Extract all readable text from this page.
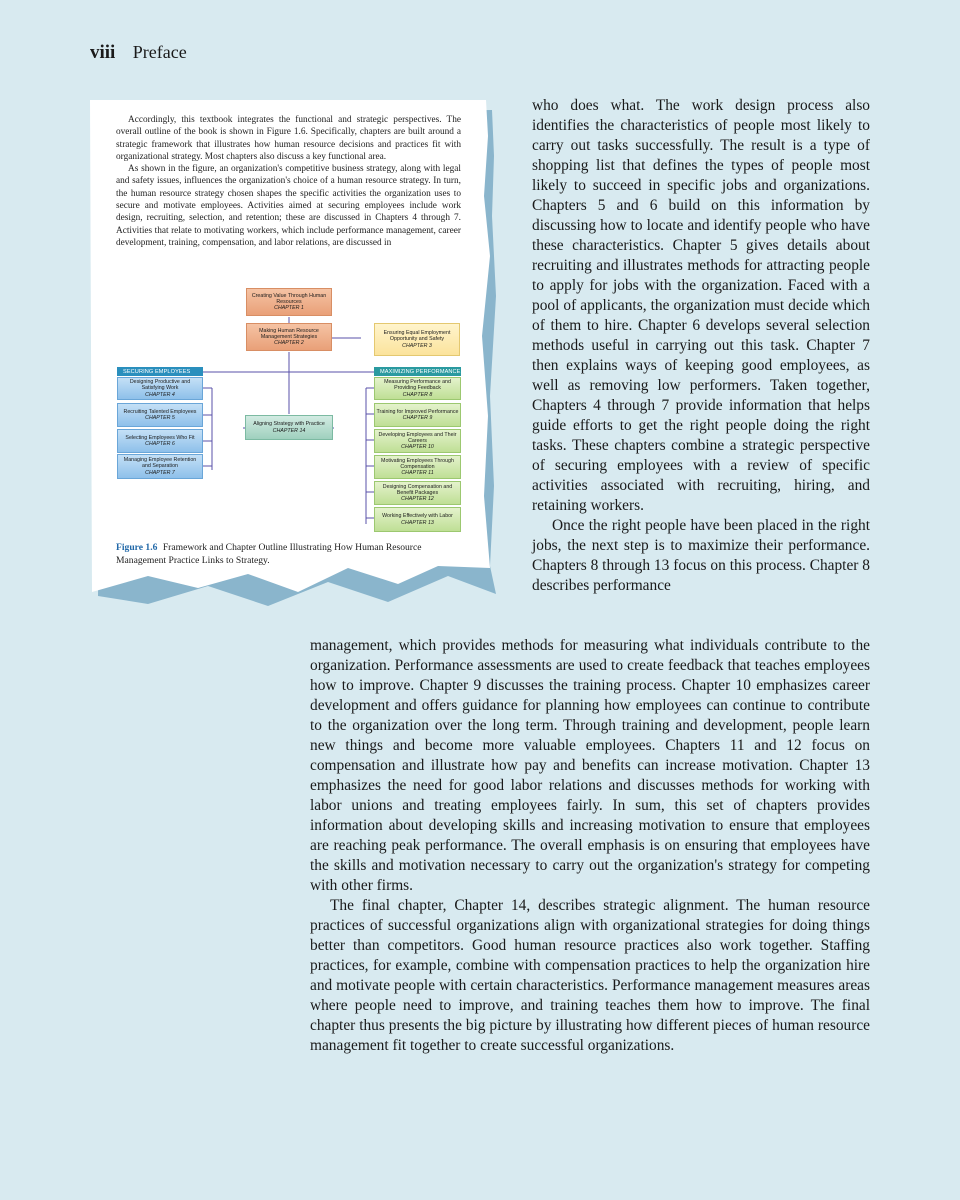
viii Preface

Accordingly, this textbook integrates the functional and strategic perspectives. The overall outline of the book is shown in Figure 1.6. Specifically, chapters are built around a strategic framework that illustrates how human resource decisions and practices fit with organizational strategy. Most chapters also discuss a key functional area.

As shown in the figure, an organization's competitive business strategy, along with legal and safety issues, influences the organization's choice of a human resource strategy. In turn, the human resource strategy chosen shapes the specific activities the organization uses to secure and motivate employees. Activities aimed at securing employees include work design, recruiting, selection, and retention; these are discussed in Chapters 4 through 7. Activities that relate to motivating workers, which include performance management, career development, training, compensation, and labor relations, are discussed in

Creating Value Through Human Resources
CHAPTER 1
Making Human Resource Management Strategies
CHAPTER 2
Ensuring Equal Employment Opportunity and Safety
CHAPTER 3
SECURING EMPLOYEES	MAXIMIZING PERFORMANCE
Designing Productive and Satisfying Work
CHAPTER 4
Recruiting Talented Employees
CHAPTER 5
Selecting Employees Who Fit
CHAPTER 6
Managing Employee Retention and Separation
CHAPTER 7
Aligning Strategy with Practice
CHAPTER 14
Measuring Performance and Providing Feedback
CHAPTER 8
Training for Improved Performance
CHAPTER 9
Developing Employees and Their Careers
CHAPTER 10
Motivating Employees Through Compensation
CHAPTER 11
Designing Compensation and Benefit Packages
CHAPTER 12
Working Effectively with Labor
CHAPTER 13
Figure 1.6 Framework and Chapter Outline Illustrating How Human Resource Management Practice Links to Strategy.

who does what. The work design process also identifies the characteristics of people most likely to carry out tasks successfully. The result is a type of shopping list that defines the types of people most likely to succeed in specific jobs and organizations. Chapters 5 and 6 build on this information by discussing how to locate and identify people who have these characteristics. Chapter 5 gives details about recruiting and illustrates methods for attracting people to apply for jobs with the organization. Faced with a pool of applicants, the organization must decide which of them to hire. Chapter 6 develops several selection methods useful in carrying out this task. Chapter 7 then explains ways of keeping good employees, as well as removing low performers. Taken together, Chapters 4 through 7 provide information that helps guide efforts to get the right people doing the right tasks. These chapters combine a strategic perspective of securing employees with a review of specific activities associated with recruiting, hiring, and retaining workers.

Once the right people have been placed in the right jobs, the next step is to maximize their performance. Chapters 8 through 13 focus on this process. Chapter 8 describes performance

management, which provides methods for measuring what individuals contribute to the organization. Performance assessments are used to create feedback that teaches employees how to improve. Chapter 9 discusses the training process. Chapter 10 emphasizes career development and offers guidance for planning how employees can continue to contribute to the organization over the long term. Through training and development, people learn new things and become more valuable employees. Chapters 11 and 12 focus on compensation and illustrate how pay and benefits can increase motivation. Chapter 13 emphasizes the need for good labor relations and discusses methods for working with labor unions and treating employees fairly. In sum, this set of chapters provides information about developing skills and increasing motivation to ensure that employees are reaching peak performance. The overall emphasis is on ensuring that employees have the skills and motivation necessary to carry out the organization's strategy for competing with other firms.

The final chapter, Chapter 14, describes strategic alignment. The human resource practices of successful organizations align with organizational strategies for doing things better than competitors. Good human resource practices also work together. Staffing practices, for example, combine with compensation practices to help the organization hire and motivate people with certain characteristics. Performance management measures areas where people need to improve, and training teaches them how to improve. The final chapter thus presents the big picture by illustrating how different pieces of human resource management fit together to create successful organizations.
